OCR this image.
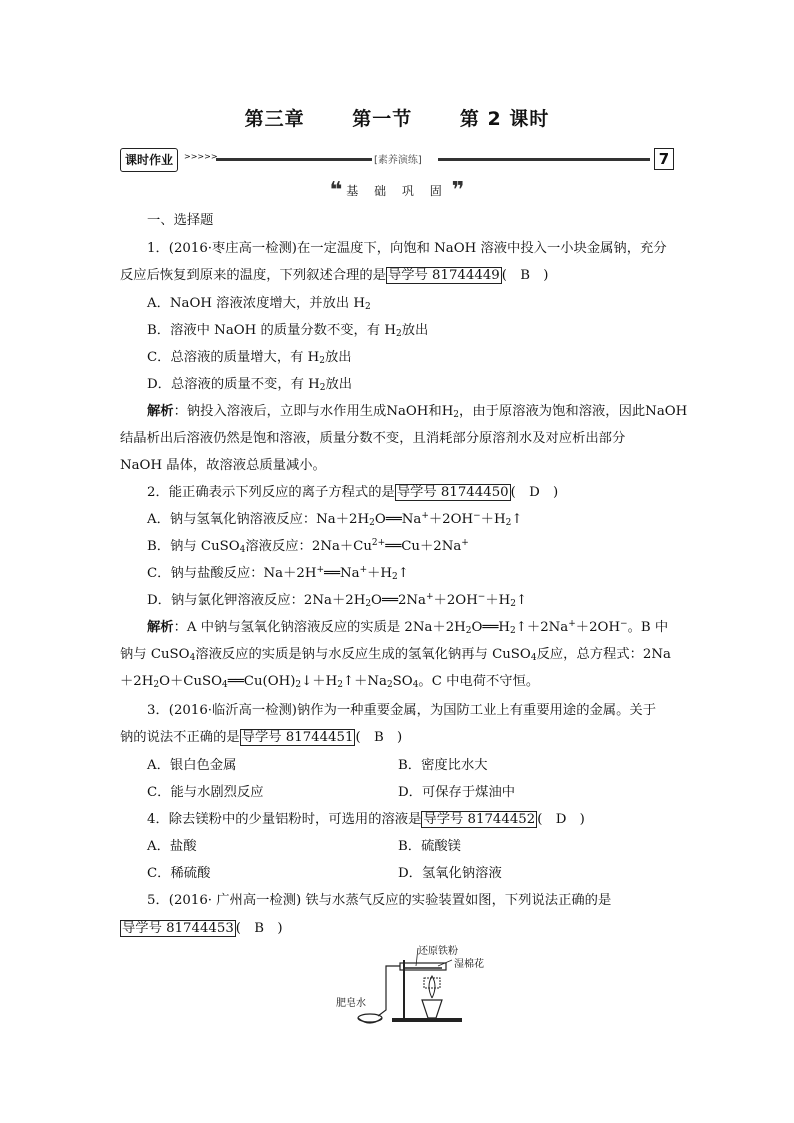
第三章	第一节	第 2 课时
课时作业	>>>>>	[素养演练]	7
❝ 基 础 巩 固 ❞
一、选择题
1．(2016·枣庄高一检测)在一定温度下，向饱和 NaOH 溶液中投入一小块金属钠，充分
反应后恢复到原来的温度，下列叙述合理的是 导学号 81744449 (　B　)
A．NaOH 溶液浓度增大，并放出 $H_2$
B．溶液中 NaOH 的质量分数不变，有 $H_2$放出
C．总溶液的质量增大，有 $H_2$放出
D．总溶液的质量不变，有 $H_2$放出
解析：钠投入溶液后，立即与水作用生成NaOH和$H_2$，由于原溶液为饱和溶液，因此NaOH
结晶析出后溶液仍然是饱和溶液，质量分数不变，且消耗部分原溶剂水及对应析出部分
NaOH 晶体，故溶液总质量减小。
2．能正确表示下列反应的离子方程式的是 导学号 81744450 (　D　)
A．钠与氢氧化钠溶液反应：$Na+2H_2O══Na^++2OH^-+H_2↑$
B．钠与 CuSO$_4$溶液反应：$2Na+Cu^{2+}══Cu+2Na^+$
C．钠与盐酸反应：$Na+2H^+══Na^++H_2↑$
D．钠与氯化钾溶液反应：$2Na+2H_2O══2Na^++2OH^-+H_2↑$
解析：A 中钠与氢氧化钠溶液反应的实质是 $2Na+2H_2O══H_2↑+2Na^++2OH^-$。B 中
钠与 CuSO$_4$溶液反应的实质是钠与水反应生成的氢氧化钠再与 CuSO$_4$反应，总方程式：2Na
$+2H_2O+CuSO_4══Cu(OH)_2↓+H_2↑+Na_2SO_4$。C 中电荷不守恒。
3．(2016·临沂高一检测)钠作为一种重要金属，为国防工业上有重要用途的金属。关于
钠的说法不正确的是 导学号 81744451 (　B　)
A．银白色金属	B．密度比水大
C．能与水剧烈反应	D．可保存于煤油中
4．除去镁粉中的少量铝粉时，可选用的溶液是 导学号 81744452 (　D　)
A．盐酸	B．硫酸镁
C．稀硫酸	D．氢氧化钠溶液
5．(2016· 广州高一检测) 铁与水蒸气反应的实验装置如图，下列说法正确的是
导学号 81744453 (　B　)
还原铁粉
湿棉花
肥皂水
